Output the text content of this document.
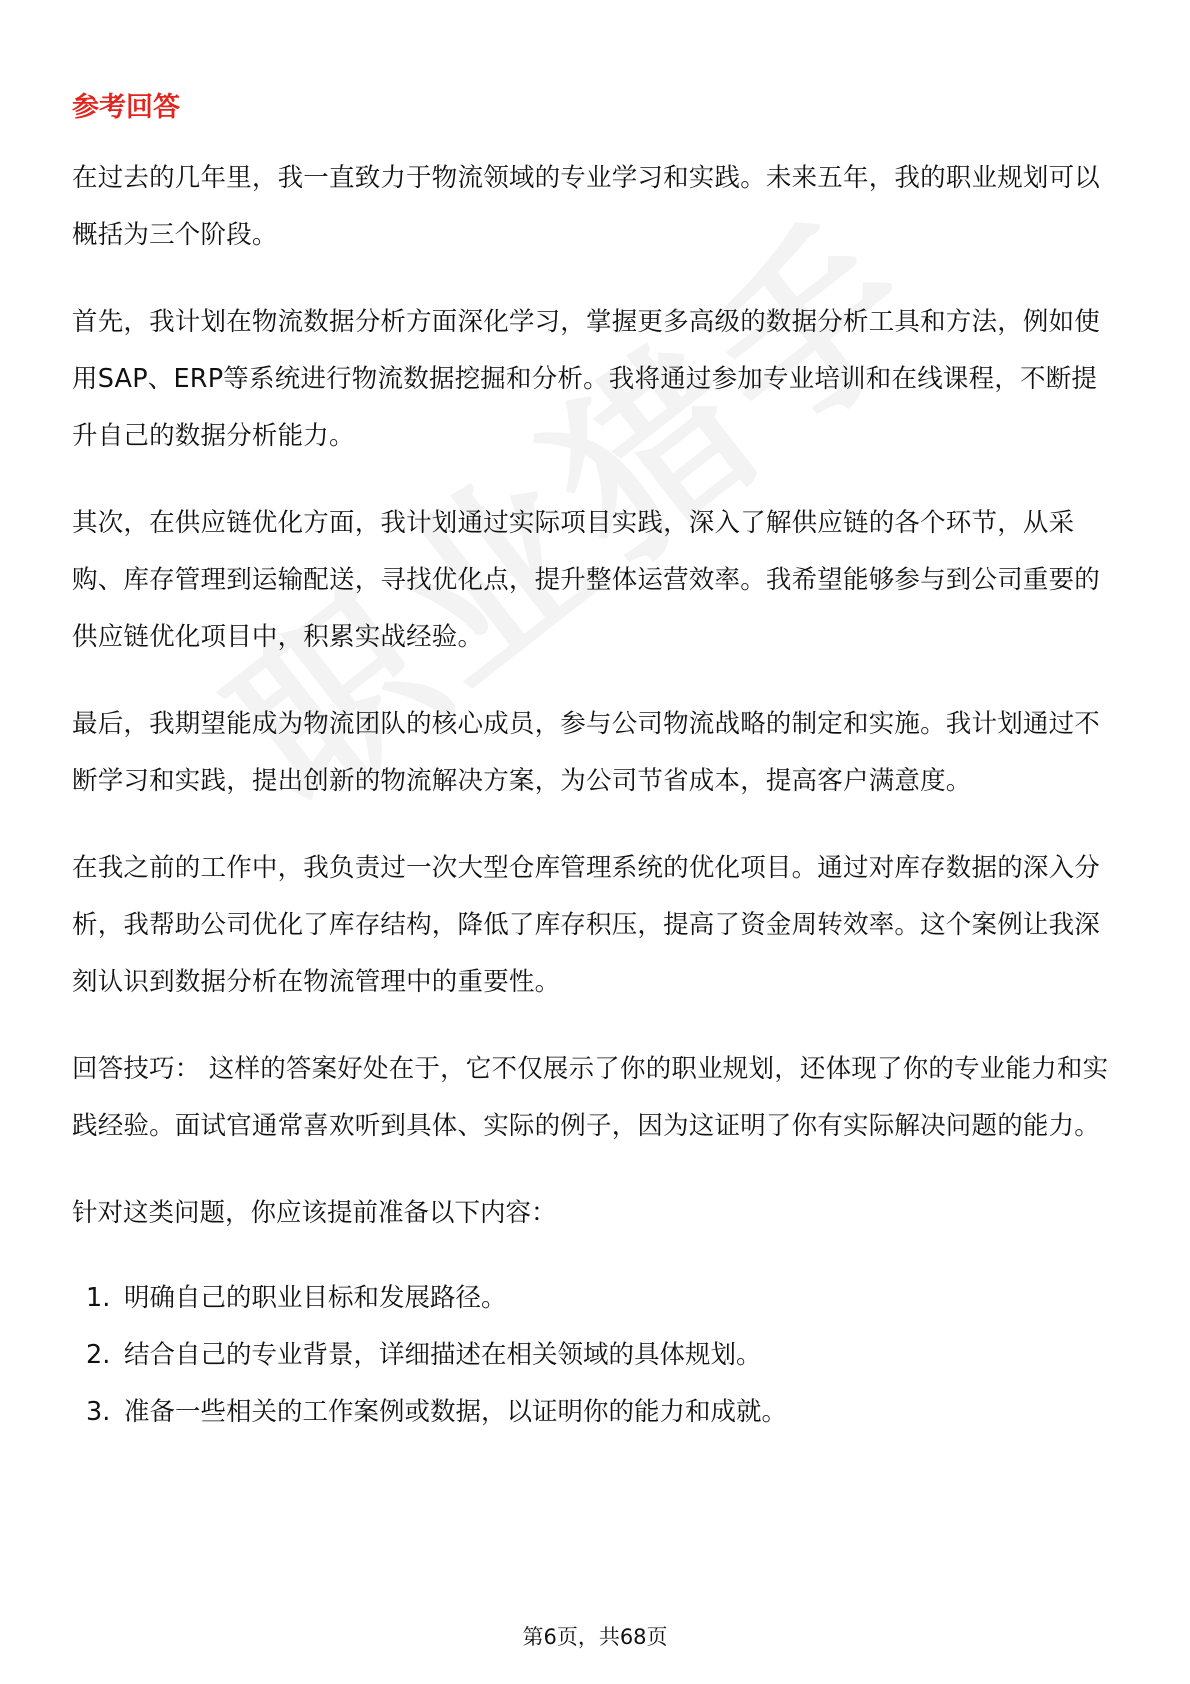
参考回答

在过去的几年里，我一直致力于物流领域的专业学习和实践。未来五年，我的职业规划可以概括为三个阶段。

首先，我计划在物流数据分析方面深化学习，掌握更多高级的数据分析工具和方法，例如使用SAP、ERP等系统进行物流数据挖掘和分析。我将通过参加专业培训和在线课程，不断提升自己的数据分析能力。

其次，在供应链优化方面，我计划通过实际项目实践，深入了解供应链的各个环节，从采购、库存管理到运输配送，寻找优化点，提升整体运营效率。我希望能够参与到公司重要的供应链优化项目中，积累实战经验。

最后，我期望能成为物流团队的核心成员，参与公司物流战略的制定和实施。我计划通过不断学习和实践，提出创新的物流解决方案，为公司节省成本，提高客户满意度。

在我之前的工作中，我负责过一次大型仓库管理系统的优化项目。通过对库存数据的深入分析，我帮助公司优化了库存结构，降低了库存积压，提高了资金周转效率。这个案例让我深刻认识到数据分析在物流管理中的重要性。

回答技巧： 这样的答案好处在于，它不仅展示了你的职业规划，还体现了你的专业能力和实践经验。面试官通常喜欢听到具体、实际的例子，因为这证明了你有实际解决问题的能力。

针对这类问题，你应该提前准备以下内容：

1. 明确自己的职业目标和发展路径。
2. 结合自己的专业背景，详细描述在相关领域的具体规划。
3. 准备一些相关的工作案例或数据，以证明你的能力和成就。
第6页，共68页
